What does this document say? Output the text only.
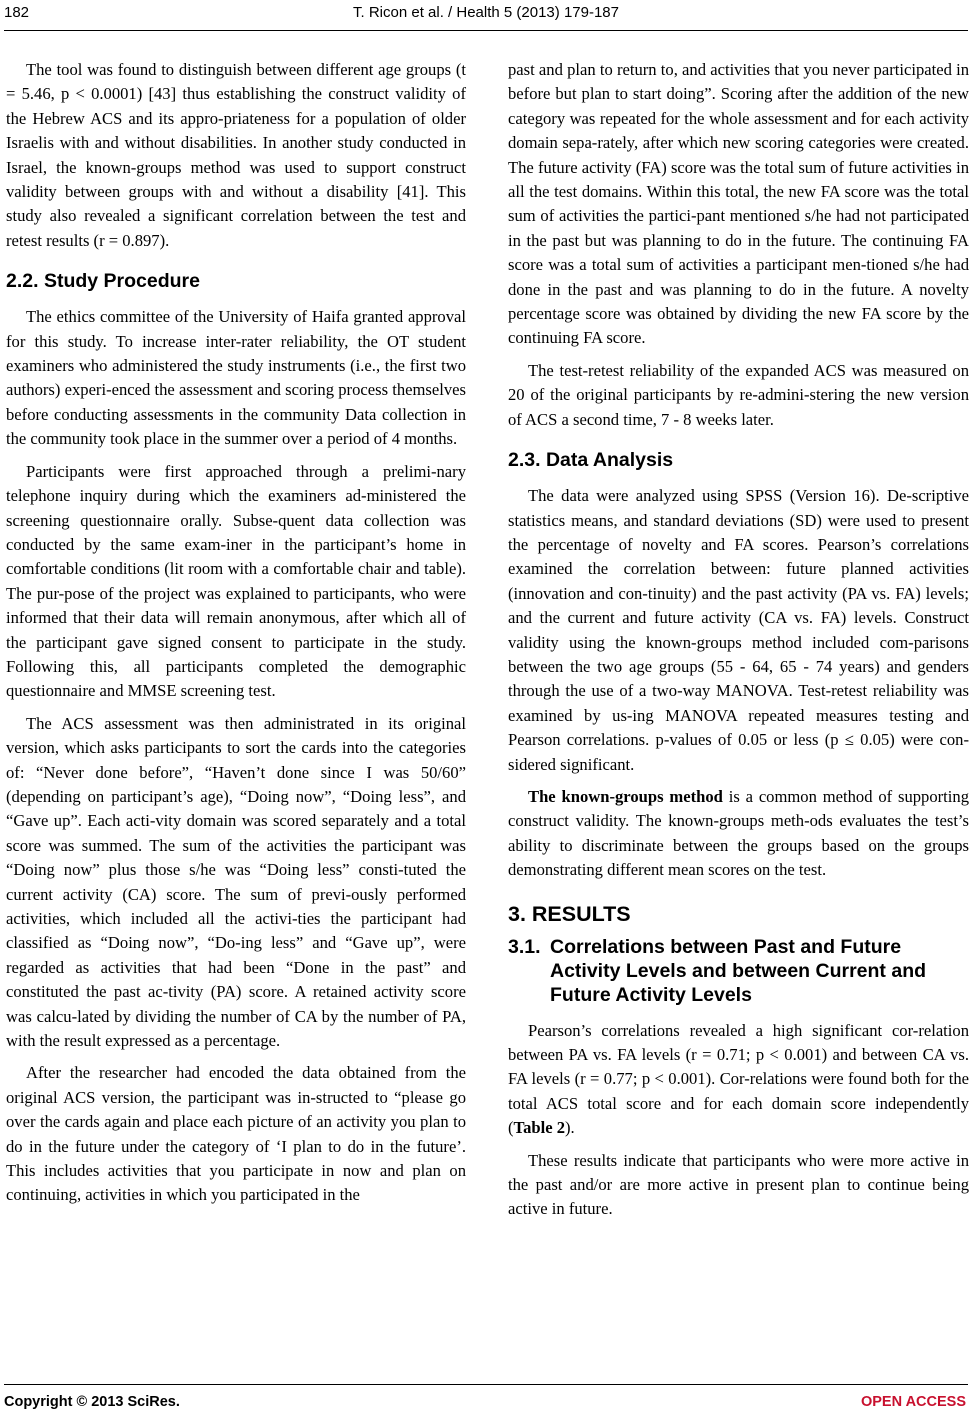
182	T. Ricon et al. / Health 5 (2013) 179-187

The tool was found to distinguish between different age groups (t = 5.46, p < 0.0001) [43] thus establishing the construct validity of the Hebrew ACS and its appro-priateness for a population of older Israelis with and without disabilities. In another study conducted in Israel, the known-groups method was used to support construct validity between groups with and without a disability [41]. This study also revealed a significant correlation between the test and retest results (r = 0.897).

2.2. Study Procedure

The ethics committee of the University of Haifa granted approval for this study. To increase inter-rater reliability, the OT student examiners who administered the study instruments (i.e., the first two authors) experi-enced the assessment and scoring process themselves before conducting assessments in the community Data collection in the community took place in the summer over a period of 4 months.

Participants were first approached through a prelimi-nary telephone inquiry during which the examiners ad-ministered the screening questionnaire orally. Subse-quent data collection was conducted by the same exam-iner in the participant’s home in comfortable conditions (lit room with a comfortable chair and table). The pur-pose of the project was explained to participants, who were informed that their data will remain anonymous, after which all of the participant gave signed consent to participate in the study. Following this, all participants completed the demographic questionnaire and MMSE screening test.

The ACS assessment was then administrated in its original version, which asks participants to sort the cards into the categories of: “Never done before”, “Haven’t done since I was 50/60” (depending on participant’s age), “Doing now”, “Doing less”, and “Gave up”. Each acti-vity domain was scored separately and a total score was summed. The sum of the activities the participant was “Doing now” plus those s/he was “Doing less” consti-tuted the current activity (CA) score. The sum of previ-ously performed activities, which included all the activi-ties the participant had classified as “Doing now”, “Do-ing less” and “Gave up”, were regarded as activities that had been “Done in the past” and constituted the past ac-tivity (PA) score. A retained activity score was calcu-lated by dividing the number of CA by the number of PA, with the result expressed as a percentage.

After the researcher had encoded the data obtained from the original ACS version, the participant was in-structed to “please go over the cards again and place each picture of an activity you plan to do in the future under the category of ‘I plan to do in the future’. This includes activities that you participate in now and plan on continuing, activities in which you participated in the

past and plan to return to, and activities that you never participated in before but plan to start doing”. Scoring after the addition of the new category was repeated for the whole assessment and for each activity domain sepa-rately, after which new scoring categories were created. The future activity (FA) score was the total sum of future activities in all the test domains. Within this total, the new FA score was the total sum of activities the partici-pant mentioned s/he had not participated in the past but was planning to do in the future. The continuing FA score was a total sum of activities a participant men-tioned s/he had done in the past and was planning to do in the future. A novelty percentage score was obtained by dividing the new FA score by the continuing FA score.

The test-retest reliability of the expanded ACS was measured on 20 of the original participants by re-admini-stering the new version of ACS a second time, 7 - 8 weeks later.

2.3. Data Analysis

The data were analyzed using SPSS (Version 16). De-scriptive statistics means, and standard deviations (SD) were used to present the percentage of novelty and FA scores. Pearson’s correlations examined the correlation between: future planned activities (innovation and con-tinuity) and the past activity (PA vs. FA) levels; and the current and future activity (CA vs. FA) levels. Construct validity using the known-groups method included com-parisons between the two age groups (55 - 64, 65 - 74 years) and genders through the use of a two-way MANOVA. Test-retest reliability was examined by us-ing MANOVA repeated measures testing and Pearson correlations. p-values of 0.05 or less (p ≤ 0.05) were con-sidered significant.

The known-groups method is a common method of supporting construct validity. The known-groups meth-ods evaluates the test’s ability to discriminate between the groups based on the groups demonstrating different mean scores on the test.

3. RESULTS
3.1. Correlations between Past and Future Activity Levels and between Current and Future Activity Levels

Pearson’s correlations revealed a high significant cor-relation between PA vs. FA levels (r = 0.71; p < 0.001) and between CA vs. FA levels (r = 0.77; p < 0.001). Cor-relations were found both for the total ACS total score and for each domain score independently (Table 2).

These results indicate that participants who were more active in the past and/or are more active in present plan to continue being active in future.

Copyright © 2013 SciRes.	OPEN ACCESS
